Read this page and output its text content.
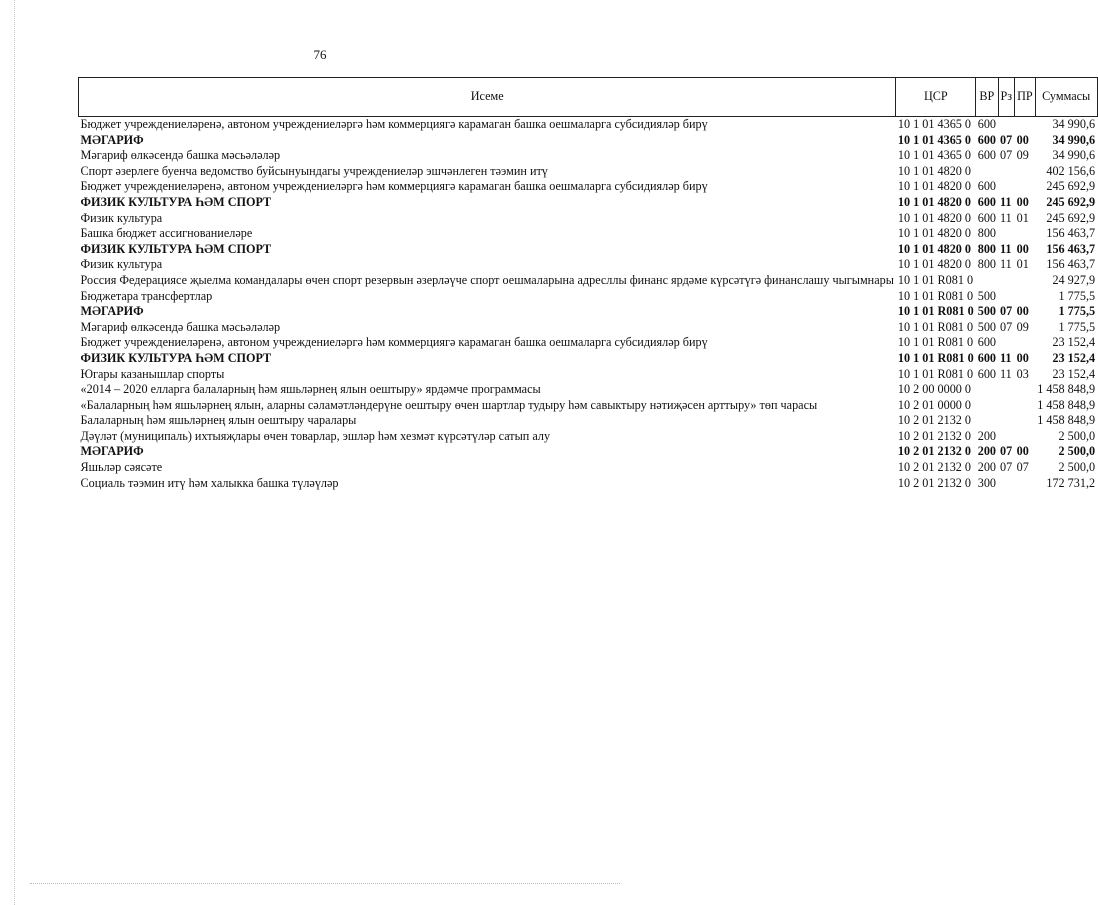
76
Исеме	ЦСР	ВР	Рз	ПР	Суммасы
Бюджет учреждениеләренә, автоном учреждениеләргә һәм коммерциягә карамаган башка оешмаларга субсидияләр бирү	10 1 01 4365 0	600			34 990,6
МӘГАРИФ	10 1 01 4365 0	600	07	00	34 990,6
Мәгариф өлкәсендә башка мәсьәләләр	10 1 01 4365 0	600	07	09	34 990,6
Спорт әзерлеге буенча ведомство буйсынуындагы учреждениеләр эшчәнлеген тәэмин итү	10 1 01 4820 0				402 156,6
Бюджет учреждениеләренә, автоном учреждениеләргә һәм коммерциягә карамаган башка оешмаларга субсидияләр бирү	10 1 01 4820 0	600			245 692,9
ФИЗИК КУЛЬТУРА ҺӘМ СПОРТ	10 1 01 4820 0	600	11	00	245 692,9
Физик культура	10 1 01 4820 0	600	11	01	245 692,9
Башка бюджет ассигнованиеләре	10 1 01 4820 0	800			156 463,7
ФИЗИК КУЛЬТУРА ҺӘМ СПОРТ	10 1 01 4820 0	800	11	00	156 463,7
Физик культура	10 1 01 4820 0	800	11	01	156 463,7
Россия Федерациясе җыелма командалары өчен спорт резервын әзерләүче спорт оешмаларына адресллы финанс ярдәме күрсәтүгә финанслашу чыгымнары	10 1 01 R081 0				24 927,9
Бюджетара трансфертлар	10 1 01 R081 0	500			1 775,5
МӘГАРИФ	10 1 01 R081 0	500	07	00	1 775,5
Мәгариф өлкәсендә башка мәсьәләләр	10 1 01 R081 0	500	07	09	1 775,5
Бюджет учреждениеләренә, автоном учреждениеләргә һәм коммерциягә карамаган башка оешмаларга субсидияләр бирү	10 1 01 R081 0	600			23 152,4
ФИЗИК КУЛЬТУРА ҺӘМ СПОРТ	10 1 01 R081 0	600	11	00	23 152,4
Югары казанышлар спорты	10 1 01 R081 0	600	11	03	23 152,4
«2014 – 2020 елларга балаларның һәм яшьләрнең ялын оештыру» ярдәмче программасы	10 2 00 0000 0				1 458 848,9
«Балаларның һәм яшьләрнең ялын, аларны сәламәтләндерүне оештыру өчен шартлар тудыру һәм савыктыру нәтиҗәсен арттыру» төп чарасы	10 2 01 0000 0				1 458 848,9
Балаларның һәм яшьләрнең ялын оештыру чаралары	10 2 01 2132 0				1 458 848,9
Дәүләт (муниципаль) ихтыяҗлары өчен товарлар, эшләр һәм хезмәт күрсәтүләр сатып алу	10 2 01 2132 0	200			2 500,0
МӘГАРИФ	10 2 01 2132 0	200	07	00	2 500,0
Яшьләр сәясәте	10 2 01 2132 0	200	07	07	2 500,0
Социаль тәэмин итү һәм халыкка башка түләүләр	10 2 01 2132 0	300			172 731,2
